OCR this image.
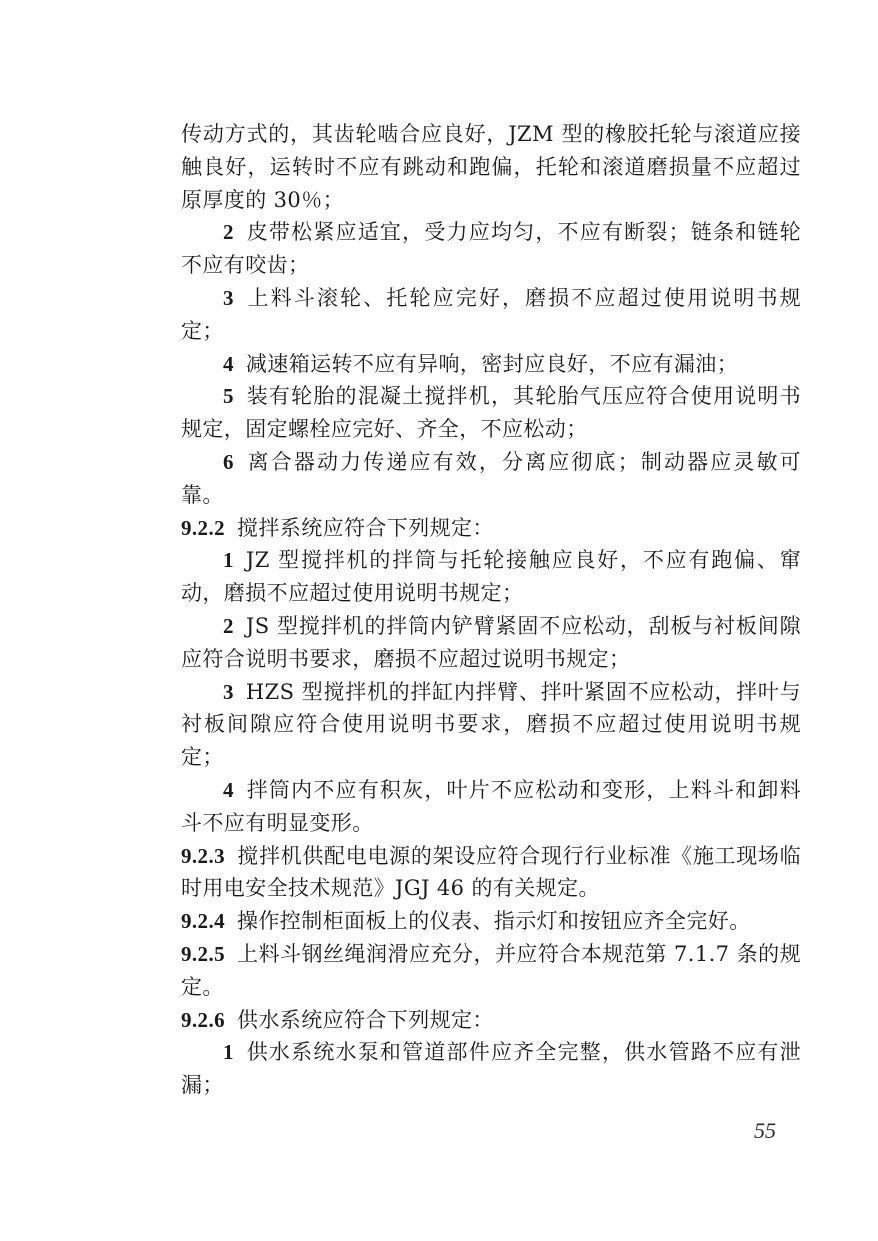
传动方式的，其齿轮啮合应良好，JZM 型的橡胶托轮与滚道应接触良好，运转时不应有跳动和跑偏，托轮和滚道磨损量不应超过原厚度的 30％；

2 皮带松紧应适宜，受力应均匀，不应有断裂；链条和链轮不应有咬齿；

3 上料斗滚轮、托轮应完好，磨损不应超过使用说明书规定；

4 减速箱运转不应有异响，密封应良好，不应有漏油；

5 装有轮胎的混凝土搅拌机，其轮胎气压应符合使用说明书规定，固定螺栓应完好、齐全，不应松动；

6 离合器动力传递应有效，分离应彻底；制动器应灵敏可靠。

9.2.2 搅拌系统应符合下列规定：

1 JZ 型搅拌机的拌筒与托轮接触应良好，不应有跑偏、窜动，磨损不应超过使用说明书规定；

2 JS 型搅拌机的拌筒内铲臂紧固不应松动，刮板与衬板间隙应符合说明书要求，磨损不应超过说明书规定；

3 HZS 型搅拌机的拌缸内拌臂、拌叶紧固不应松动，拌叶与衬板间隙应符合使用说明书要求，磨损不应超过使用说明书规定；

4 拌筒内不应有积灰，叶片不应松动和变形，上料斗和卸料斗不应有明显变形。

9.2.3 搅拌机供配电电源的架设应符合现行行业标准《施工现场临时用电安全技术规范》JGJ 46 的有关规定。

9.2.4 操作控制柜面板上的仪表、指示灯和按钮应齐全完好。

9.2.5 上料斗钢丝绳润滑应充分，并应符合本规范第 7.1.7 条的规定。

9.2.6 供水系统应符合下列规定：

1 供水系统水泵和管道部件应齐全完整，供水管路不应有泄漏；

55
